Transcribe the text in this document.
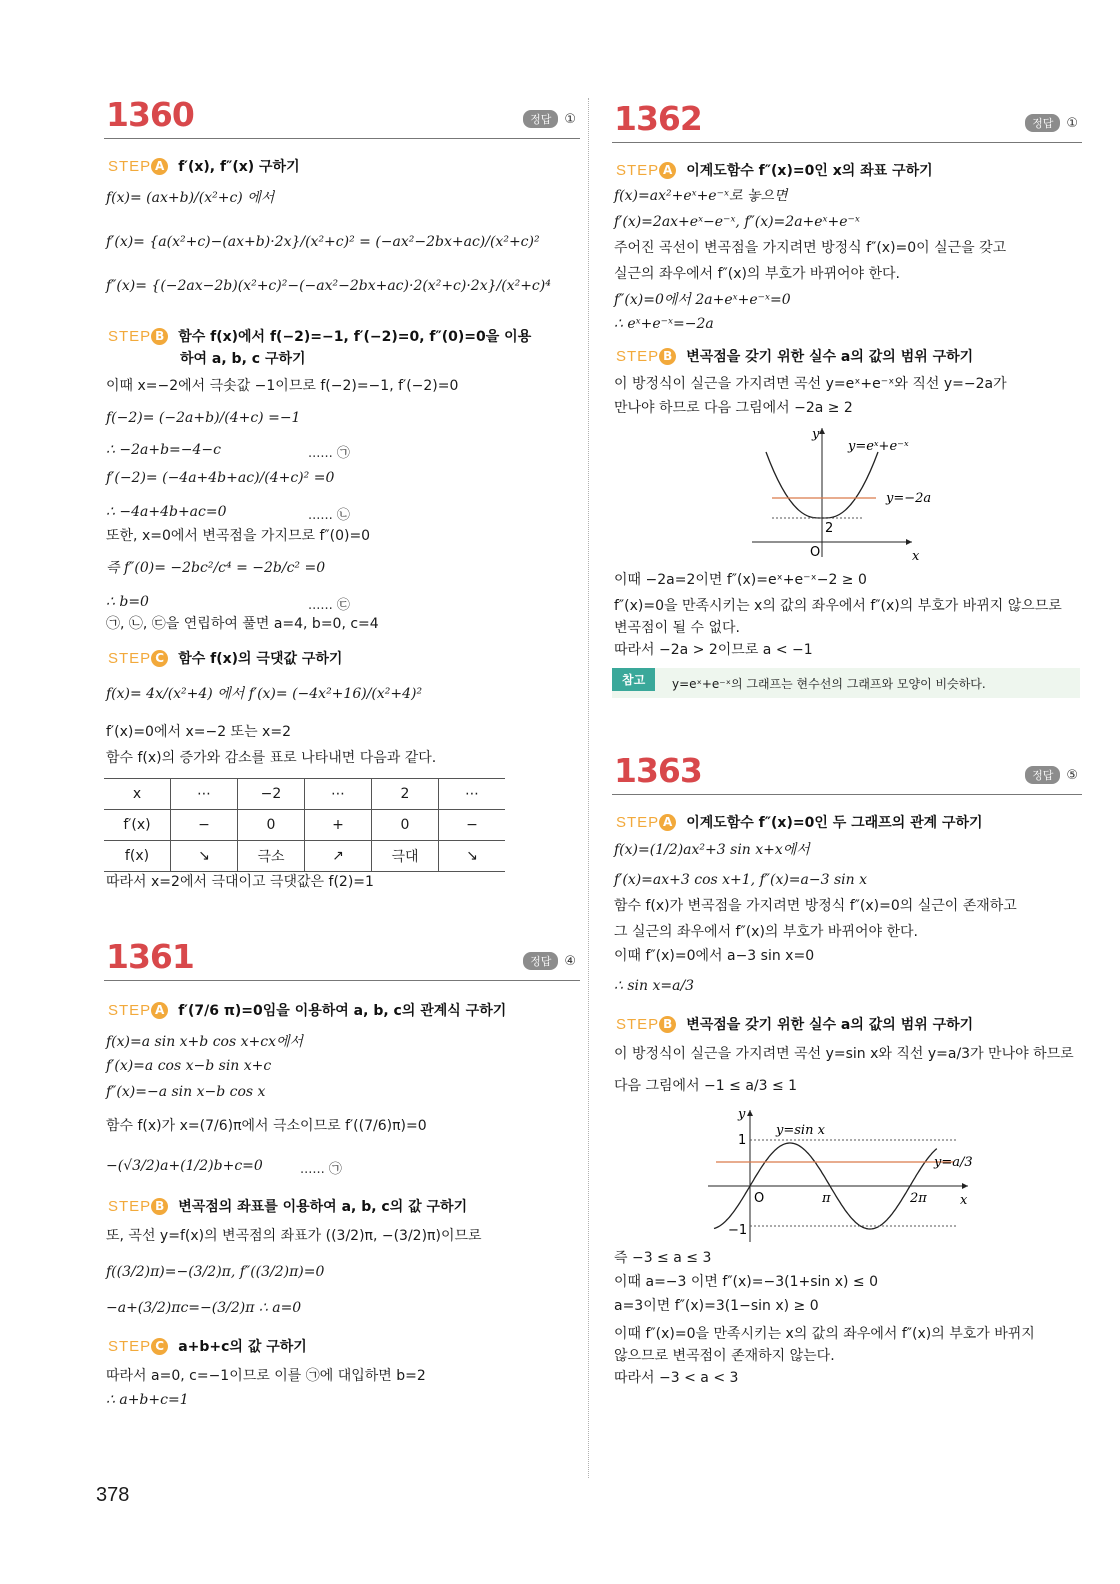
1360	정답	①
STEP A f′(x), f″(x) 구하기
f(x)= (ax+b)/(x²+c) 에서
f′(x)= {a(x²+c)−(ax+b)·2x}/(x²+c)² = (−ax²−2bx+ac)/(x²+c)²
f″(x)= {(−2ax−2b)(x²+c)²−(−ax²−2bx+ac)·2(x²+c)·2x}/(x²+c)⁴
STEP B 함수 f(x)에서 f(−2)=−1, f′(−2)=0, f″(0)=0을 이용
하여 a, b, c 구하기
이때 x=−2에서 극솟값 −1이므로 f(−2)=−1, f′(−2)=0
f(−2)= (−2a+b)/(4+c) =−1
∴ −2a+b=−4−c	...... ㉠
f′(−2)= (−4a+4b+ac)/(4+c)² =0
∴ −4a+4b+ac=0	...... ㉡
또한, x=0에서 변곡점을 가지므로 f″(0)=0
즉 f″(0)= −2bc²/c⁴ = −2b/c² =0
∴ b=0	...... ㉢
㉠, ㉡, ㉢을 연립하여 풀면 a=4, b=0, c=4
STEP C 함수 f(x)의 극댓값 구하기
f(x)= 4x/(x²+4) 에서 f′(x)= (−4x²+16)/(x²+4)²
f′(x)=0에서 x=−2 또는 x=2
함수 f(x)의 증가와 감소를 표로 나타내면 다음과 같다.
x	⋯	−2	⋯	2	⋯
f′(x)	−	0	+	0	−
f(x)	↘	극소	↗	극대	↘
따라서 x=2에서 극대이고 극댓값은 f(2)=1
1361	정답	④
STEP A f′(7/6 π)=0임을 이용하여 a, b, c의 관계식 구하기
f(x)=a sin x+b cos x+cx에서
f′(x)=a cos x−b sin x+c
f″(x)=−a sin x−b cos x
함수 f(x)가 x=(7/6)π에서 극소이므로 f′((7/6)π)=0
−(√3/2)a+(1/2)b+c=0	...... ㉠
STEP B 변곡점의 좌표를 이용하여 a, b, c의 값 구하기
또, 곡선 y=f(x)의 변곡점의 좌표가 ((3/2)π, −(3/2)π)이므로
f((3/2)π)=−(3/2)π, f″((3/2)π)=0
−a+(3/2)πc=−(3/2)π ∴ a=0
STEP C a+b+c의 값 구하기
따라서 a=0, c=−1이므로 이를 ㉠에 대입하면 b=2
∴ a+b+c=1
1362	정답	①
STEP A 이계도함수 f″(x)=0인 x의 좌표 구하기
f(x)=ax²+eˣ+e⁻ˣ로 놓으면
f′(x)=2ax+eˣ−e⁻ˣ, f″(x)=2a+eˣ+e⁻ˣ
주어진 곡선이 변곡점을 가지려면 방정식 f″(x)=0이 실근을 갖고
실근의 좌우에서 f″(x)의 부호가 바뀌어야 한다.
f″(x)=0에서 2a+eˣ+e⁻ˣ=0
∴ eˣ+e⁻ˣ=−2a
STEP B 변곡점을 갖기 위한 실수 a의 값의 범위 구하기
이 방정식이 실근을 가지려면 곡선 y=eˣ+e⁻ˣ와 직선 y=−2a가
만나야 하므로 다음 그림에서 −2a ≥ 2
y
x
O
2
y=eˣ+e⁻ˣ
y=−2a
이때 −2a=2이면 f″(x)=eˣ+e⁻ˣ−2 ≥ 0
f″(x)=0을 만족시키는 x의 값의 좌우에서 f″(x)의 부호가 바뀌지 않으므로
변곡점이 될 수 없다.
따라서 −2a > 2이므로 a < −1
참고	y=eˣ+e⁻ˣ의 그래프는 현수선의 그래프와 모양이 비슷하다.
1363	정답	⑤
STEP A 이계도함수 f″(x)=0인 두 그래프의 관계 구하기
f(x)=(1/2)ax²+3 sin x+x에서
f′(x)=ax+3 cos x+1, f″(x)=a−3 sin x
함수 f(x)가 변곡점을 가지려면 방정식 f″(x)=0의 실근이 존재하고
그 실근의 좌우에서 f″(x)의 부호가 바뀌어야 한다.
이때 f″(x)=0에서 a−3 sin x=0
∴ sin x=a/3
STEP B 변곡점을 갖기 위한 실수 a의 값의 범위 구하기
이 방정식이 실근을 가지려면 곡선 y=sin x와 직선 y=a/3가 만나야 하므로
다음 그림에서 −1 ≤ a/3 ≤ 1
y
x
O
1
−1
π	2π
y=sin x
y=a/3
즉 −3 ≤ a ≤ 3
이때 a=−3 이면 f″(x)=−3(1+sin x) ≤ 0
a=3이면 f″(x)=3(1−sin x) ≥ 0
이때 f″(x)=0을 만족시키는 x의 값의 좌우에서 f″(x)의 부호가 바뀌지
않으므로 변곡점이 존재하지 않는다.
따라서 −3 < a < 3
378
